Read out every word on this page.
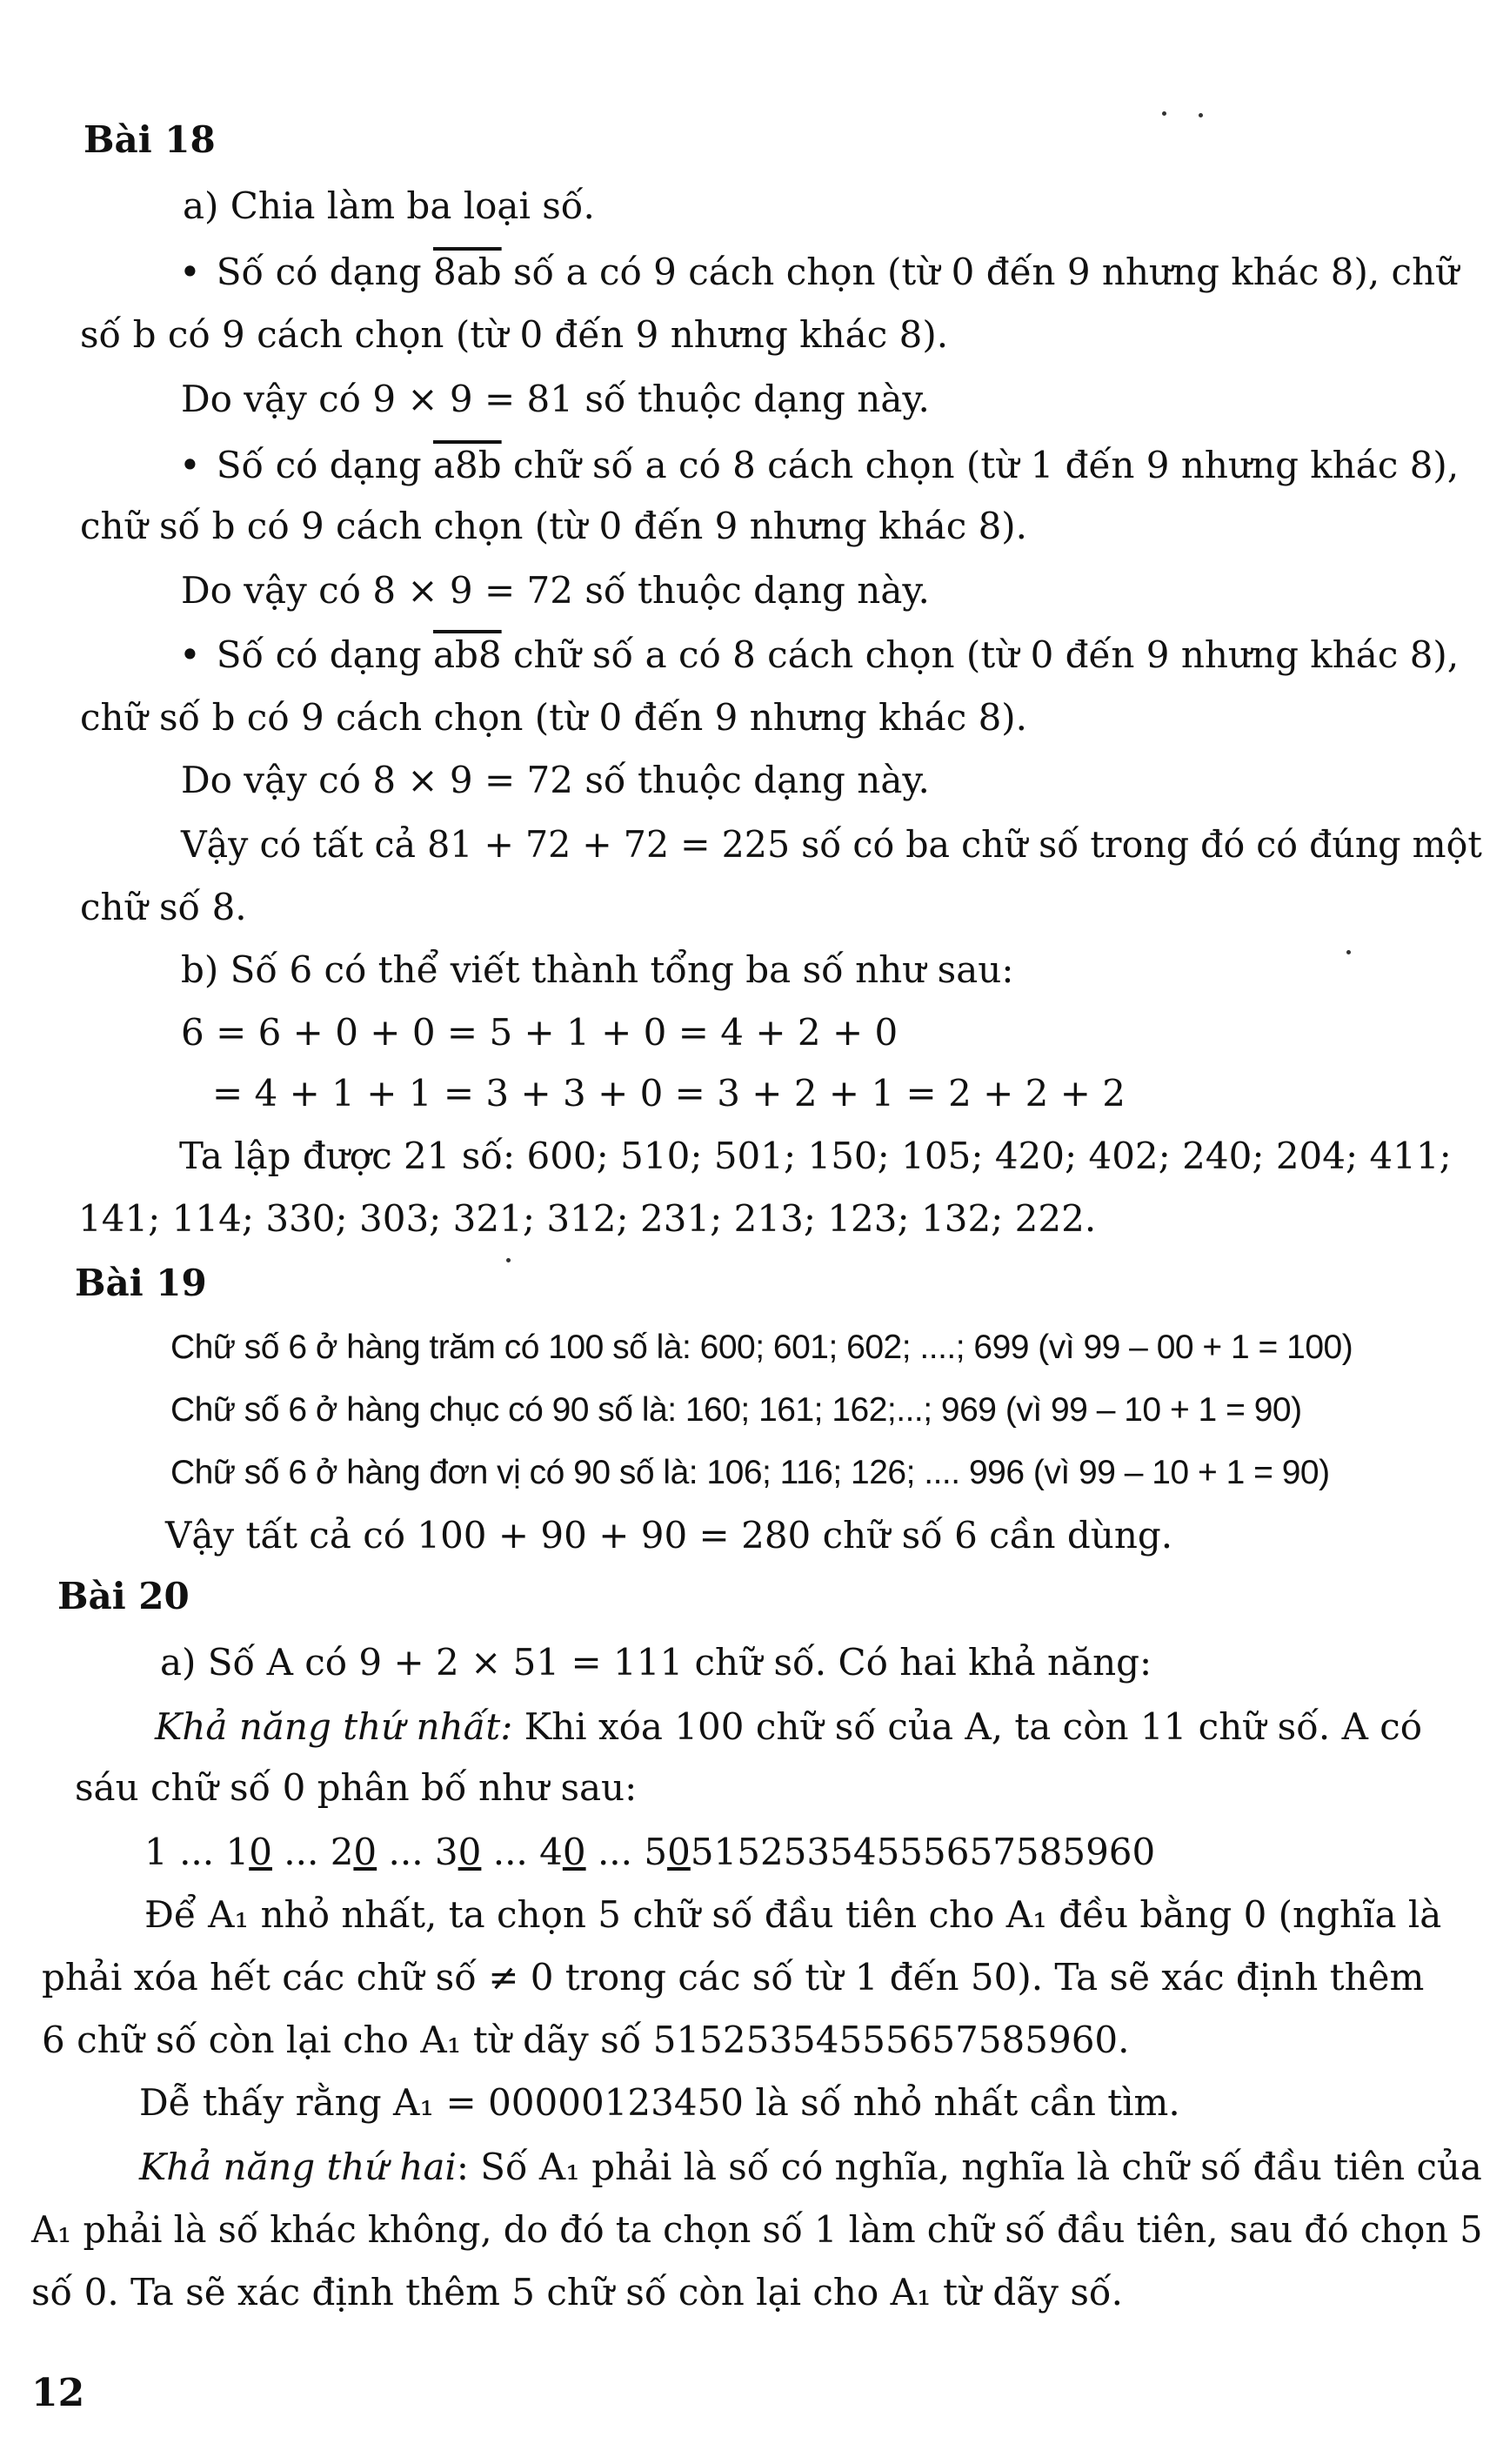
Bài 18
a) Chia làm ba loại số.
• Số có dạng 8ab số a có 9 cách chọn (từ 0 đến 9 nhưng khác 8), chữ
số b có 9 cách chọn (từ 0 đến 9 nhưng khác 8).
Do vậy có 9 × 9 = 81 số thuộc dạng này.
• Số có dạng a8b chữ số a có 8 cách chọn (từ 1 đến 9 nhưng khác 8),
chữ số b có 9 cách chọn (từ 0 đến 9 nhưng khác 8).
Do vậy có 8 × 9 = 72 số thuộc dạng này.
• Số có dạng ab8 chữ số a có 8 cách chọn (từ 0 đến 9 nhưng khác 8),
chữ số b có 9 cách chọn (từ 0 đến 9 nhưng khác 8).
Do vậy có 8 × 9 = 72 số thuộc dạng này.
Vậy có tất cả 81 + 72 + 72 = 225 số có ba chữ số trong đó có đúng một
chữ số 8.
b) Số 6 có thể viết thành tổng ba số như sau:
6 = 6 + 0 + 0 = 5 + 1 + 0 = 4 + 2 + 0
= 4 + 1 + 1 = 3 + 3 + 0 = 3 + 2 + 1 = 2 + 2 + 2
Ta lập được 21 số: 600; 510; 501; 150; 105; 420; 402; 240; 204; 411;
141; 114; 330; 303; 321; 312; 231; 213; 123; 132; 222.
Bài 19
Chữ số 6 ở hàng trăm có 100 số là: 600; 601; 602; ....; 699 (vì 99 – 00 + 1 = 100)
Chữ số 6 ở hàng chục có 90 số là: 160; 161; 162;...; 969 (vì 99 – 10 + 1 = 90)
Chữ số 6 ở hàng đơn vị có 90 số là: 106; 116; 126; .... 996 (vì 99 – 10 + 1 = 90)
Vậy tất cả có 100 + 90 + 90 = 280 chữ số 6 cần dùng.
Bài 20
a) Số A có 9 + 2 × 51 = 111 chữ số. Có hai khả năng:
Khả năng thứ nhất: Khi xóa 100 chữ số của A, ta còn 11 chữ số. A có
sáu chữ số 0 phân bố như sau:
1 ... 10 ... 20 ... 30 ... 40 ... 5051525354555657585960
Để A₁ nhỏ nhất, ta chọn 5 chữ số đầu tiên cho A₁ đều bằng 0 (nghĩa là
phải xóa hết các chữ số ≠ 0 trong các số từ 1 đến 50). Ta sẽ xác định thêm
6 chữ số còn lại cho A₁ từ dãy số 51525354555657585960.
Dễ thấy rằng A₁ = 00000123450 là số nhỏ nhất cần tìm.
Khả năng thứ hai: Số A₁ phải là số có nghĩa, nghĩa là chữ số đầu tiên của
A₁ phải là số khác không, do đó ta chọn số 1 làm chữ số đầu tiên, sau đó chọn 5
số 0. Ta sẽ xác định thêm 5 chữ số còn lại cho A₁ từ dãy số.
12
